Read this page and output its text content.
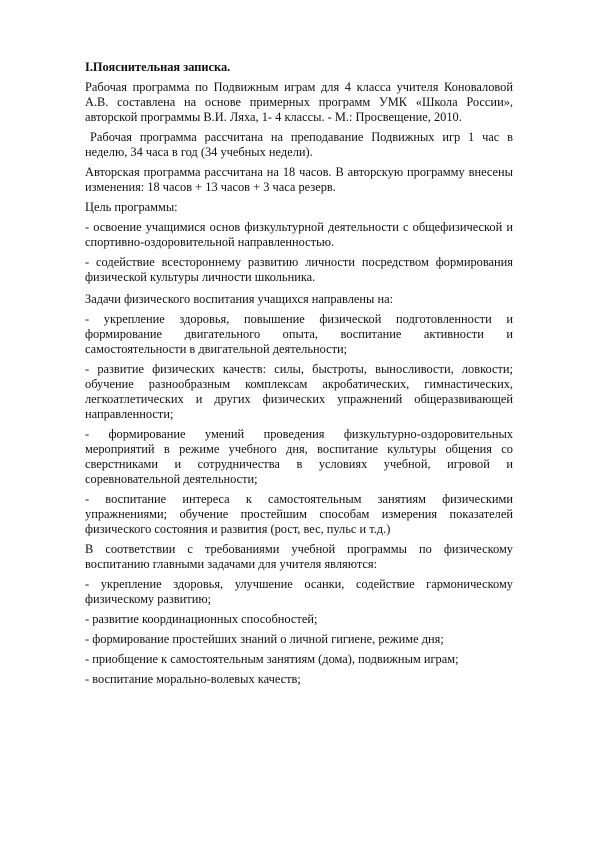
I.Пояснительная записка.

Рабочая программа по Подвижным играм для 4 класса учителя Коноваловой А.В. составлена на основе примерных программ УМК «Школа России», авторской программы В.И. Ляха, 1- 4 классы. - М.: Просвещение, 2010.

Рабочая программа рассчитана на преподавание Подвижных игр 1 час в неделю, 34 часа в год (34 учебных недели).

Авторская программа рассчитана на 18 часов. В авторскую программу внесены изменения: 18 часов + 13 часов + 3 часа резерв.

Цель программы:

- освоение учащимися основ физкультурной деятельности с общефизической и спортивно-оздоровительной направленностью.

- содействие всестороннему развитию личности посредством формирования физической культуры личности школьника.

Задачи физического воспитания учащихся направлены на:

- укрепление здоровья, повышение физической подготовленности и формирование двигательного опыта, воспитание активности и самостоятельности в двигательной деятельности;

- развитие физических качеств: силы, быстроты, выносливости, ловкости; обучение разнообразным комплексам акробатических, гимнастических, легкоатлетических и других физических упражнений общеразвивающей направленности;

- формирование умений проведения физкультурно-оздоровительных мероприятий в режиме учебного дня, воспитание культуры общения со сверстниками и сотрудничества в условиях учебной, игровой и соревновательной деятельности;

- воспитание интереса к самостоятельным занятиям физическими упражнениями; обучение простейшим способам измерения показателей физического состояния и развития (рост, вес, пульс и т.д.)

В соответствии с требованиями учебной программы по физическому воспитанию главными задачами для учителя являются:

- укрепление здоровья, улучшение осанки, содействие гармоническому физическому развитию;

- развитие координационных способностей;

- формирование простейших знаний о личной гигиене, режиме дня;

- приобщение к самостоятельным занятиям (дома), подвижным играм;

- воспитание морально-волевых качеств;
